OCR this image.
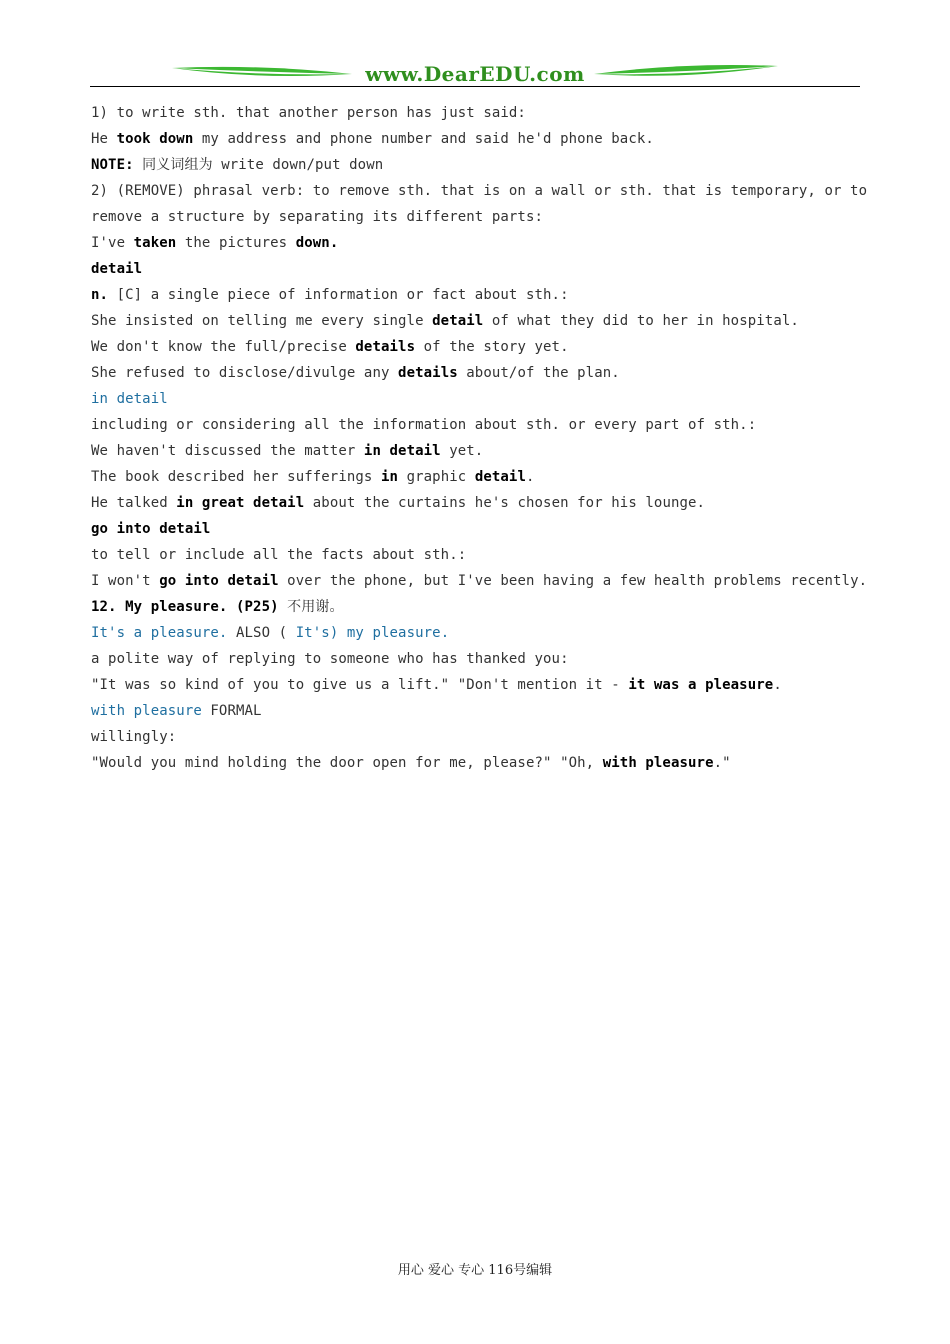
www.DearEDU.com
1) to write sth. that another person has just said:
He took down my address and phone number and said he'd phone back.
NOTE: 同义词组为 write down/put down
2) (REMOVE) phrasal verb: to remove sth. that is on a wall or sth. that is temporary, or to
remove a structure by separating its different parts:
I've taken the pictures down.
detail
n. [C] a single piece of information or fact about sth.:
She insisted on telling me every single detail of what they did to her in hospital.
We don't know the full/precise details of the story yet.
She refused to disclose/divulge any details about/of the plan.
in detail
including or considering all the information about sth. or every part of sth.:
We haven't discussed the matter in detail yet.
The book described her sufferings in graphic detail.
He talked in great detail about the curtains he's chosen for his lounge.
go into detail
to tell or include all the facts about sth.:
I won't go into detail over the phone, but I've been having a few health problems recently.
12. My pleasure. (P25) 不用谢。
It's a pleasure. ALSO ( It's) my pleasure.
a polite way of replying to someone who has thanked you:
"It was so kind of you to give us a lift." "Don't mention it - it was a pleasure.
with pleasure FORMAL
willingly:
"Would you mind holding the door open for me, please?" "Oh, with pleasure."
用心 爱心 专心 116号编辑
